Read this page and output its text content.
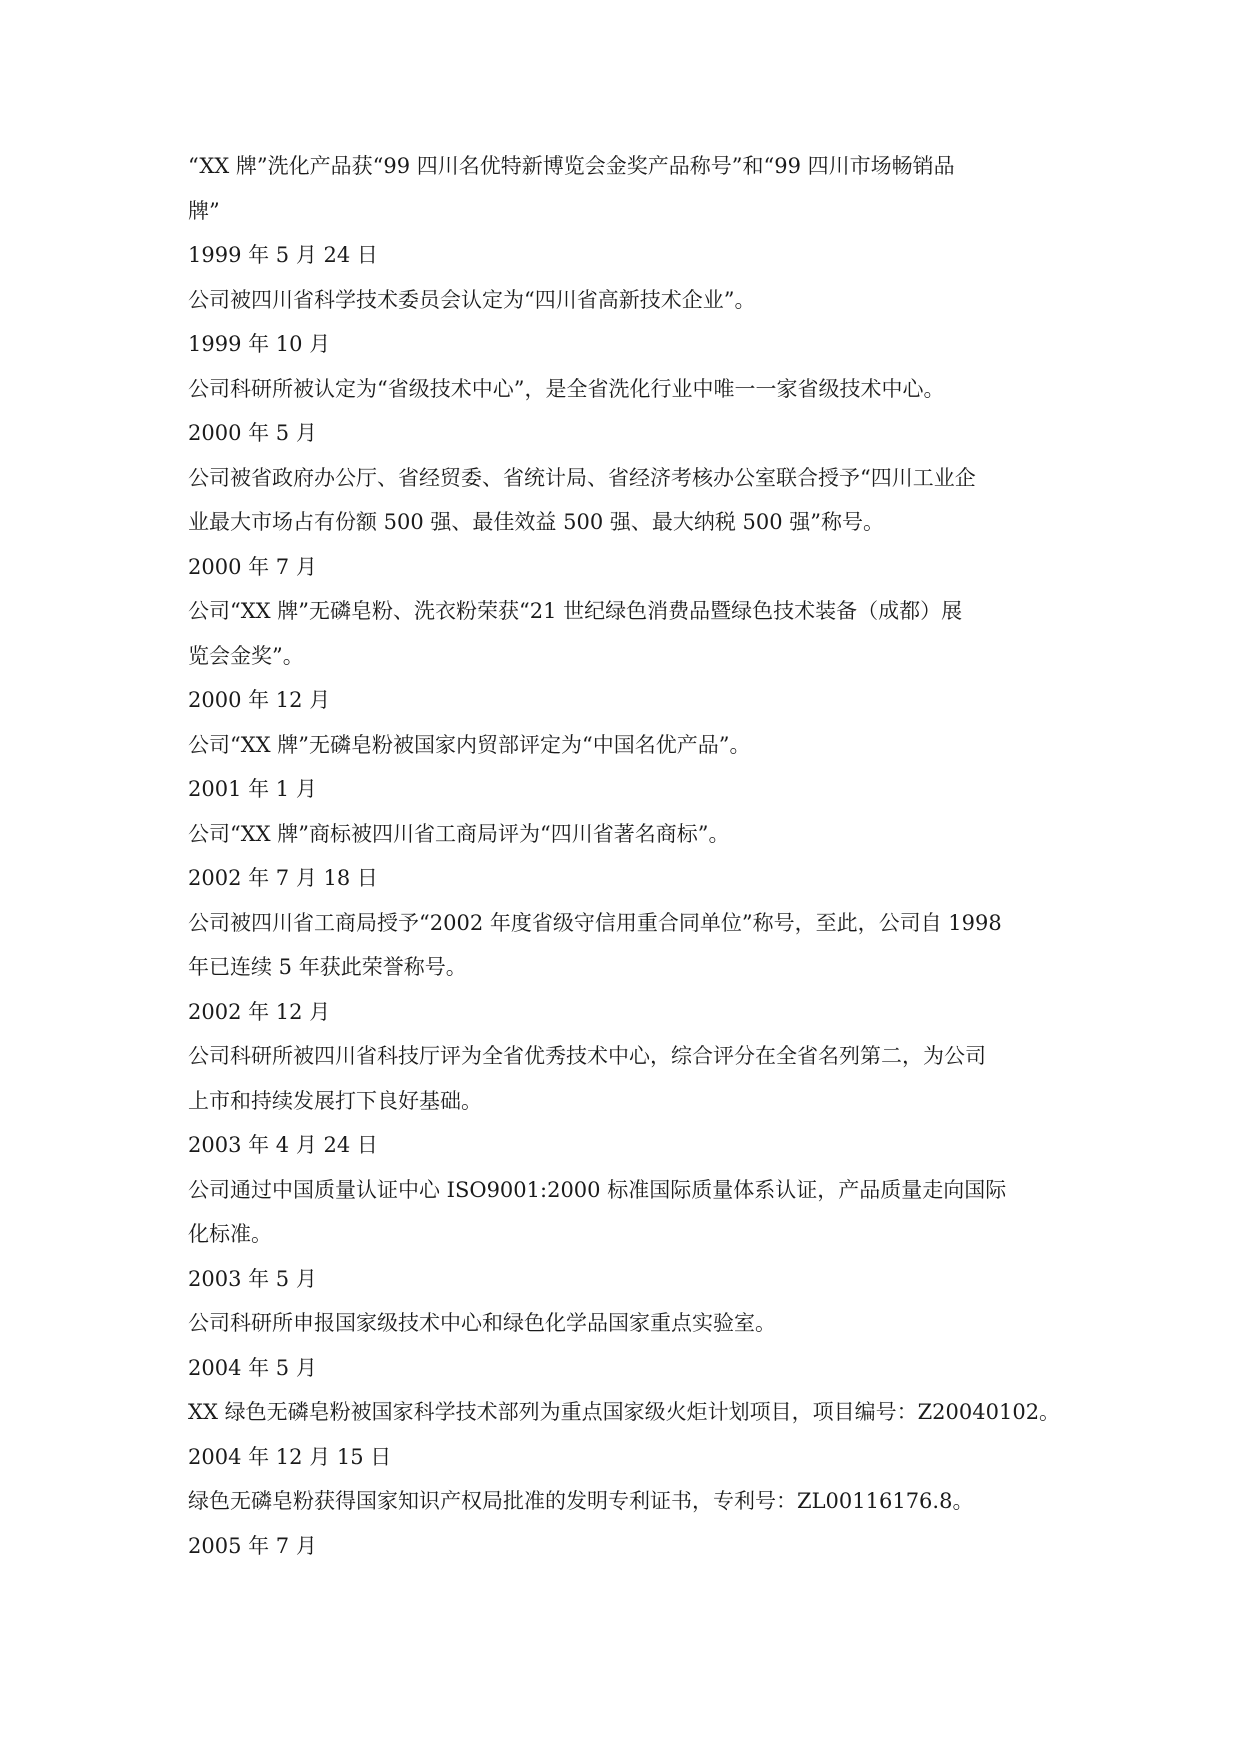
“XX 牌”洗化产品获“99 四川名优特新博览会金奖产品称号”和“99 四川市场畅销品
牌”
1999 年 5 月 24 日
公司被四川省科学技术委员会认定为“四川省高新技术企业”。
1999 年 10 月
公司科研所被认定为“省级技术中心”，是全省洗化行业中唯一一家省级技术中心。
2000 年 5 月
公司被省政府办公厅、省经贸委、省统计局、省经济考核办公室联合授予“四川工业企
业最大市场占有份额 500 强、最佳效益 500 强、最大纳税 500 强”称号。
2000 年 7 月
公司“XX 牌”无磷皂粉、洗衣粉荣获“21 世纪绿色消费品暨绿色技术装备（成都）展
览会金奖”。
2000 年 12 月
公司“XX 牌”无磷皂粉被国家内贸部评定为“中国名优产品”。
2001 年 1 月
公司“XX 牌”商标被四川省工商局评为“四川省著名商标”。
2002 年 7 月 18 日
公司被四川省工商局授予“2002 年度省级守信用重合同单位”称号，至此，公司自 1998
年已连续 5 年获此荣誉称号。
2002 年 12 月
公司科研所被四川省科技厅评为全省优秀技术中心，综合评分在全省名列第二，为公司
上市和持续发展打下良好基础。
2003 年 4 月 24 日
公司通过中国质量认证中心 ISO9001:2000 标准国际质量体系认证，产品质量走向国际
化标准。
2003 年 5 月
公司科研所申报国家级技术中心和绿色化学品国家重点实验室。
2004 年 5 月
XX 绿色无磷皂粉被国家科学技术部列为重点国家级火炬计划项目，项目编号：Z20040102。
2004 年 12 月 15 日
绿色无磷皂粉获得国家知识产权局批准的发明专利证书，专利号：ZL00116176.8。
2005 年 7 月
